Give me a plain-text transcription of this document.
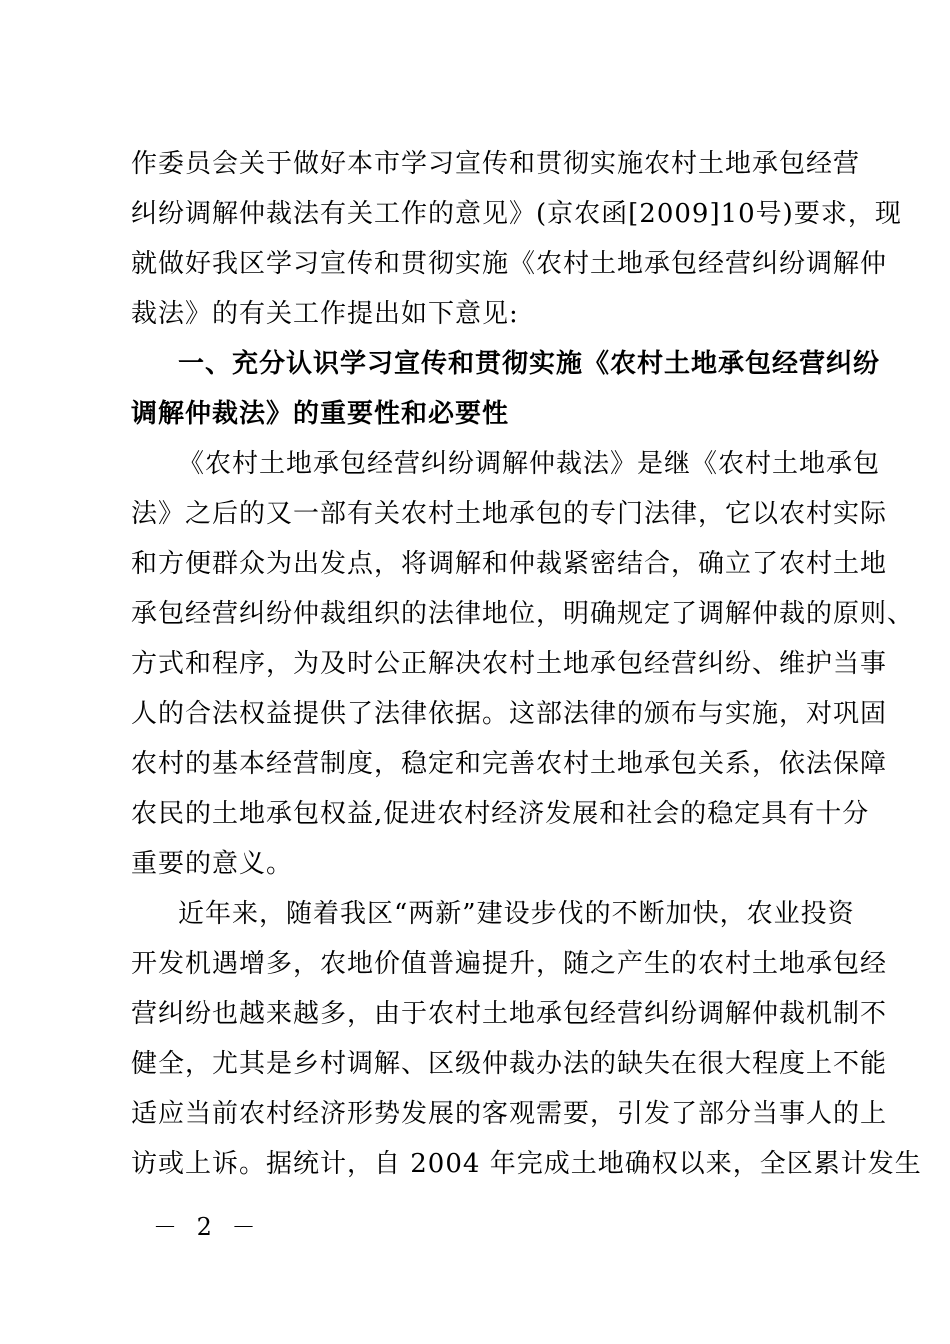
作委员会关于做好本市学习宣传和贯彻实施农村土地承包经营
纠纷调解仲裁法有关工作的意见》(京农函[2009]10号)要求，现
就做好我区学习宣传和贯彻实施《农村土地承包经营纠纷调解仲
裁法》的有关工作提出如下意见:
一、充分认识学习宣传和贯彻实施《农村土地承包经营纠纷
调解仲裁法》的重要性和必要性
《农村土地承包经营纠纷调解仲裁法》是继《农村土地承包
法》之后的又一部有关农村土地承包的专门法律，它以农村实际
和方便群众为出发点，将调解和仲裁紧密结合，确立了农村土地
承包经营纠纷仲裁组织的法律地位，明确规定了调解仲裁的原则、
方式和程序，为及时公正解决农村土地承包经营纠纷、维护当事
人的合法权益提供了法律依据。这部法律的颁布与实施，对巩固
农村的基本经营制度，稳定和完善农村土地承包关系，依法保障
农民的土地承包权益,促进农村经济发展和社会的稳定具有十分
重要的意义。
近年来，随着我区“两新”建设步伐的不断加快，农业投资
开发机遇增多，农地价值普遍提升，随之产生的农村土地承包经
营纠纷也越来越多，由于农村土地承包经营纠纷调解仲裁机制不
健全，尤其是乡村调解、区级仲裁办法的缺失在很大程度上不能
适应当前农村经济形势发展的客观需要，引发了部分当事人的上
访或上诉。据统计，自 2004 年完成土地确权以来，全区累计发生
－ 2 －
